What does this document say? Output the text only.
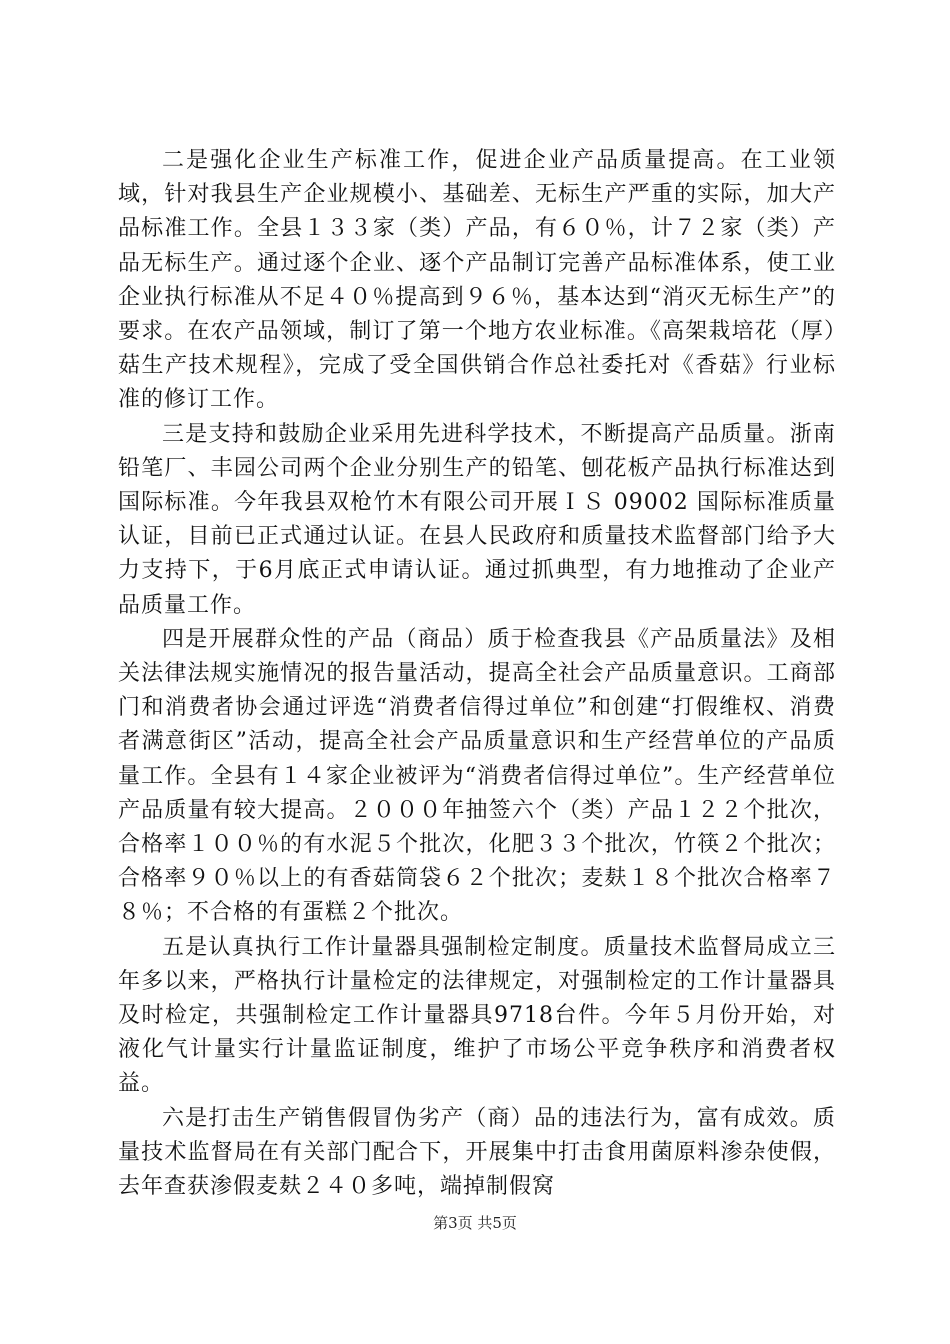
二是强化企业生产标准工作，促进企业产品质量提高。在工业领域，针对我县生产企业规模小、基础差、无标生产严重的实际，加大产品标准工作。全县１３３家（类）产品，有６０％，计７２家（类）产品无标生产。通过逐个企业、逐个产品制订完善产品标准体系，使工业企业执行标准从不足４０％提高到９６％，基本达到“消灭无标生产”的要求。在农产品领域，制订了第一个地方农业标准。《高架栽培花（厚）菇生产技术规程》，完成了受全国供销合作总社委托对《香菇》行业标准的修订工作。

三是支持和鼓励企业采用先进科学技术，不断提高产品质量。浙南铅笔厂、丰园公司两个企业分别生产的铅笔、刨花板产品执行标准达到国际标准。今年我县双枪竹木有限公司开展ＩＳ 09002 国际标准质量认证，目前已正式通过认证。在县人民政府和质量技术监督部门给予大力支持下，于6月底正式申请认证。通过抓典型，有力地推动了企业产品质量工作。

四是开展群众性的产品（商品）质于检查我县《产品质量法》及相关法律法规实施情况的报告量活动，提高全社会产品质量意识。工商部门和消费者协会通过评选“消费者信得过单位”和创建“打假维权、消费者满意街区”活动，提高全社会产品质量意识和生产经营单位的产品质量工作。全县有１４家企业被评为“消费者信得过单位”。生产经营单位产品质量有较大提高。２０００年抽签六个（类）产品１２２个批次，合格率１００％的有水泥５个批次，化肥３３个批次，竹筷２个批次；合格率９０％以上的有香菇筒袋６２个批次；麦麸１８个批次合格率７８％；不合格的有蛋糕２个批次。

五是认真执行工作计量器具强制检定制度。质量技术监督局成立三年多以来，严格执行计量检定的法律规定，对强制检定的工作计量器具及时检定，共强制检定工作计量器具9718台件。今年５月份开始，对液化气计量实行计量监证制度，维护了市场公平竞争秩序和消费者权益。

六是打击生产销售假冒伪劣产（商）品的违法行为，富有成效。质量技术监督局在有关部门配合下，开展集中打击食用菌原料渗杂使假，去年查获渗假麦麸２４０多吨，端掉制假窝

第3页 共5页
